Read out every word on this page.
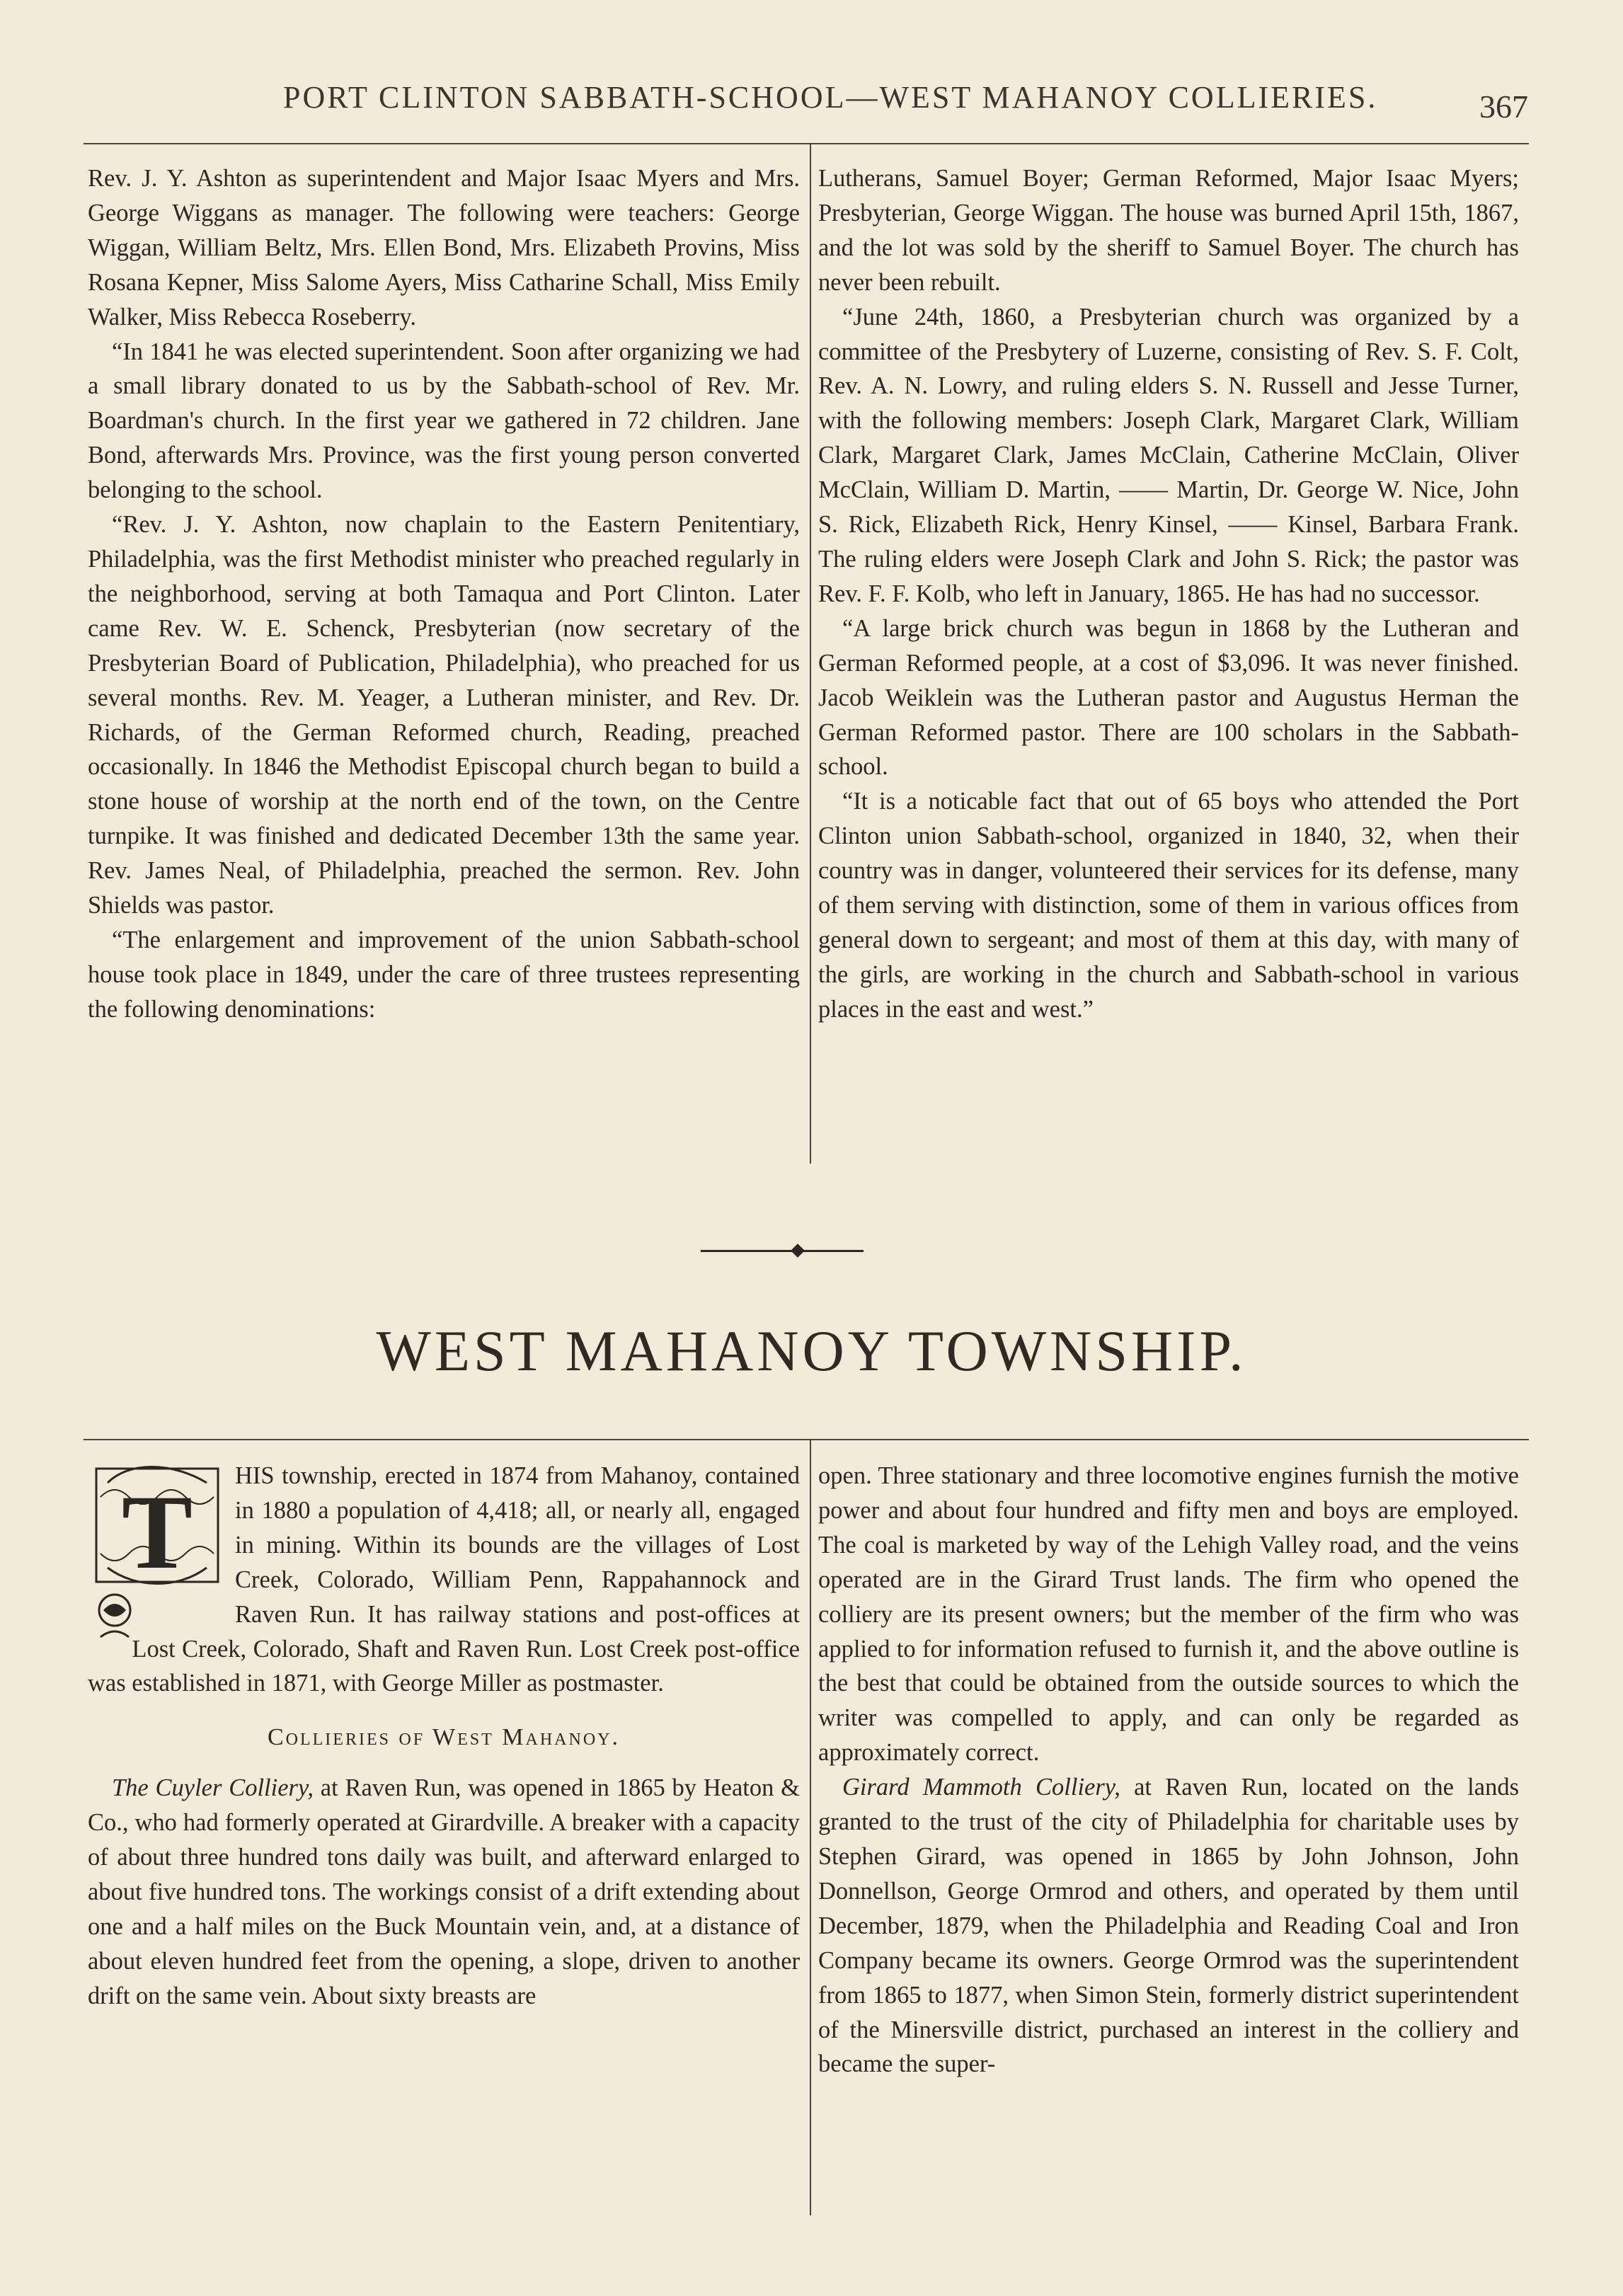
PORT CLINTON SABBATH-SCHOOL—WEST MAHANOY COLLIERIES.	367

Rev. J. Y. Ashton as superintendent and Major Isaac Myers and Mrs. George Wiggans as manager. The following were teachers: George Wiggan, William Beltz, Mrs. Ellen Bond, Mrs. Elizabeth Provins, Miss Rosana Kepner, Miss Salome Ayers, Miss Catharine Schall, Miss Emily Walker, Miss Rebecca Roseberry.

“In 1841 he was elected superintendent. Soon after organizing we had a small library donated to us by the Sabbath-school of Rev. Mr. Boardman's church. In the first year we gathered in 72 children. Jane Bond, afterwards Mrs. Province, was the first young person converted belonging to the school.

“Rev. J. Y. Ashton, now chaplain to the Eastern Penitentiary, Philadelphia, was the first Methodist minister who preached regularly in the neighborhood, serving at both Tamaqua and Port Clinton. Later came Rev. W. E. Schenck, Presbyterian (now secretary of the Presbyterian Board of Publication, Philadelphia), who preached for us several months. Rev. M. Yeager, a Lutheran minister, and Rev. Dr. Richards, of the German Reformed church, Reading, preached occasionally. In 1846 the Methodist Episcopal church began to build a stone house of worship at the north end of the town, on the Centre turnpike. It was finished and dedicated December 13th the same year. Rev. James Neal, of Philadelphia, preached the sermon. Rev. John Shields was pastor.

“The enlargement and improvement of the union Sabbath-school house took place in 1849, under the care of three trustees representing the following denominations:

Lutherans, Samuel Boyer; German Reformed, Major Isaac Myers; Presbyterian, George Wiggan. The house was burned April 15th, 1867, and the lot was sold by the sheriff to Samuel Boyer. The church has never been rebuilt.

“June 24th, 1860, a Presbyterian church was organized by a committee of the Presbytery of Luzerne, consisting of Rev. S. F. Colt, Rev. A. N. Lowry, and ruling elders S. N. Russell and Jesse Turner, with the following members: Joseph Clark, Margaret Clark, William Clark, Margaret Clark, James McClain, Catherine McClain, Oliver McClain, William D. Martin, —— Martin, Dr. George W. Nice, John S. Rick, Elizabeth Rick, Henry Kinsel, —— Kinsel, Barbara Frank. The ruling elders were Joseph Clark and John S. Rick; the pastor was Rev. F. F. Kolb, who left in January, 1865. He has had no successor.

“A large brick church was begun in 1868 by the Lutheran and German Reformed people, at a cost of $3,096. It was never finished. Jacob Weiklein was the Lutheran pastor and Augustus Herman the German Reformed pastor. There are 100 scholars in the Sabbath-school.

“It is a noticable fact that out of 65 boys who attended the Port Clinton union Sabbath-school, organized in 1840, 32, when their country was in danger, volunteered their services for its defense, many of them serving with distinction, some of them in various offices from general down to sergeant; and most of them at this day, with many of the girls, are working in the church and Sabbath-school in various places in the east and west.”

WEST MAHANOY TOWNSHIP.
T	HIS township, erected in 1874 from Mahanoy, contained in 1880 a population of 4,418; all, or nearly all, engaged in mining. Within its bounds are the villages of Lost Creek, Colorado, William Penn, Rappahannock and Raven Run. It has railway stations and post-offices at Lost Creek, Colorado, Shaft and Raven Run. Lost Creek post-office was established in 1871, with George Miller as postmaster.

Collieries of West Mahanoy.

The Cuyler Colliery, at Raven Run, was opened in 1865 by Heaton & Co., who had formerly operated at Girardville. A breaker with a capacity of about three hundred tons daily was built, and afterward enlarged to about five hundred tons. The workings consist of a drift extending about one and a half miles on the Buck Mountain vein, and, at a distance of about eleven hundred feet from the opening, a slope, driven to another drift on the same vein. About sixty breasts are

open. Three stationary and three locomotive engines furnish the motive power and about four hundred and fifty men and boys are employed. The coal is marketed by way of the Lehigh Valley road, and the veins operated are in the Girard Trust lands. The firm who opened the colliery are its present owners; but the member of the firm who was applied to for information refused to furnish it, and the above outline is the best that could be obtained from the outside sources to which the writer was compelled to apply, and can only be regarded as approximately correct.

Girard Mammoth Colliery, at Raven Run, located on the lands granted to the trust of the city of Philadelphia for charitable uses by Stephen Girard, was opened in 1865 by John Johnson, John Donnellson, George Ormrod and others, and operated by them until December, 1879, when the Philadelphia and Reading Coal and Iron Company became its owners. George Ormrod was the superintendent from 1865 to 1877, when Simon Stein, formerly district superintendent of the Minersville district, purchased an interest in the colliery and became the super-
